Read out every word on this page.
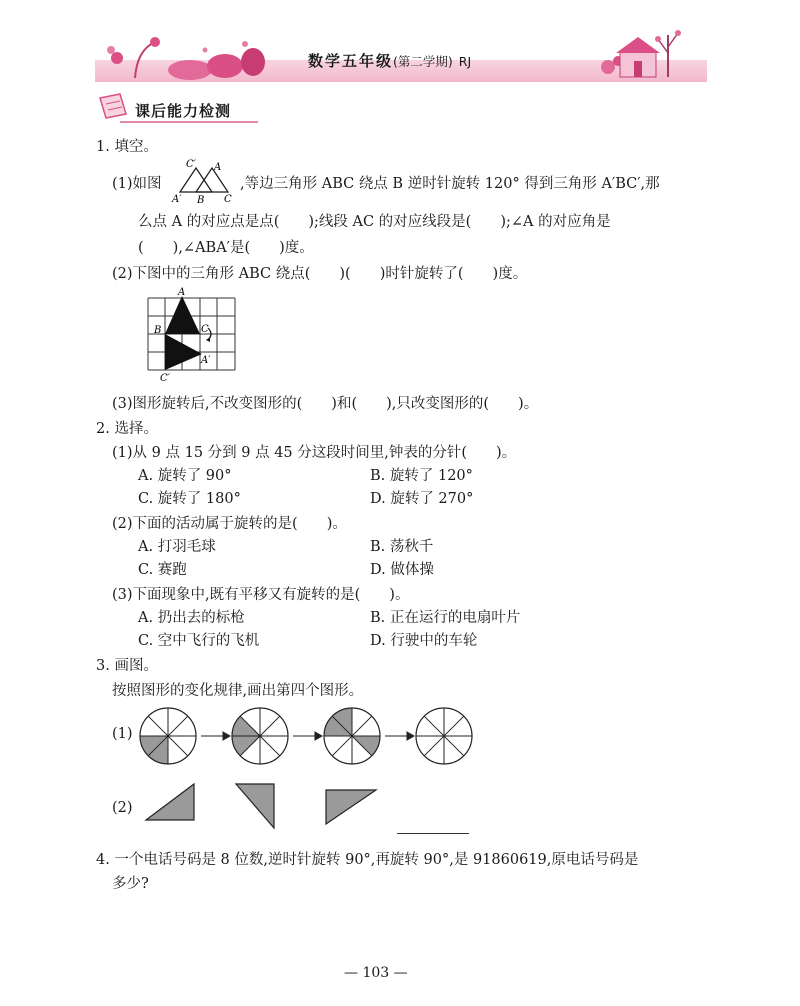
数学五年级(第二学期) RJ
课后能力检测
1. 填空。
(1)如图
C′ A
A′ B C
,等边三角形 ABC 绕点 B 逆时针旋转 120° 得到三角形 A′BC′,那
么点 A 的对应点是点(　　);线段 AC 的对应线段是(　　);∠A 的对应角是
(　　),∠ABA′是(　　)度。
(2)下图中的三角形 ABC 绕点(　　)(　　)时针旋转了(　　)度。
A
B	C
A′
C′
(3)图形旋转后,不改变图形的(　　)和(　　),只改变图形的(　　)。
2. 选择。
(1)从 9 点 15 分到 9 点 45 分这段时间里,钟表的分针(　　)。
A. 旋转了 90°	B. 旋转了 120°
C. 旋转了 180°	D. 旋转了 270°
(2)下面的活动属于旋转的是(　　)。
A. 打羽毛球	B. 荡秋千
C. 赛跑	D. 做体操
(3)下面现象中,既有平移又有旋转的是(　　)。
A. 扔出去的标枪	B. 正在运行的电扇叶片
C. 空中飞行的飞机	D. 行驶中的车轮
3. 画图。
按照图形的变化规律,画出第四个图形。
(1)
(2)
4. 一个电话号码是 8 位数,逆时针旋转 90°,再旋转 90°,是 91860619,原电话号码是
多少?
— 103 —
